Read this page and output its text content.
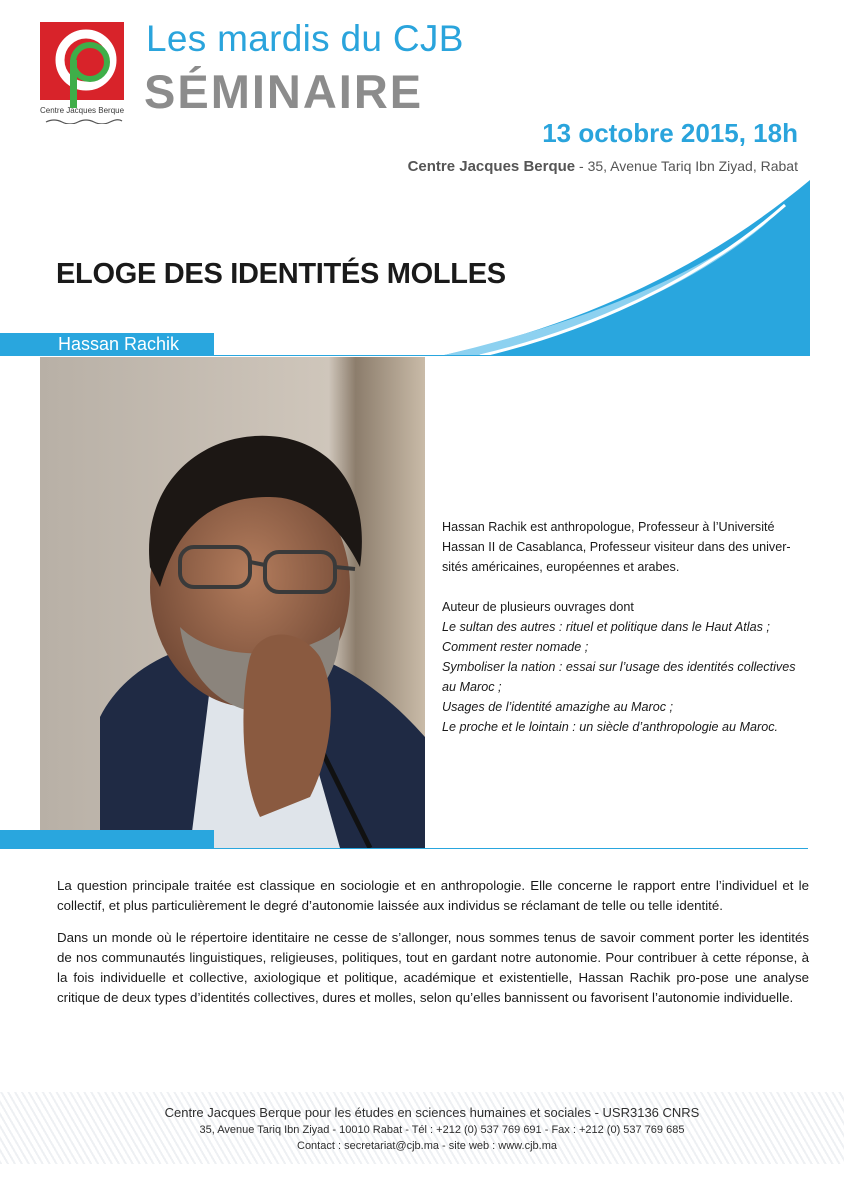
Centre Jacques Berque
Les mardis du CJB
SÉMINAIRE
13 octobre 2015, 18h
Centre Jacques Berque - 35, Avenue Tariq Ibn Ziyad, Rabat
ELOGE DES IDENTITÉS MOLLES
Hassan Rachik

Hassan Rachik est anthropologue, Professeur à l’Université

Hassan II de Casablanca, Professeur visiteur dans des univer-

sités américaines, européennes et arabes.

Auteur de plusieurs ouvrages dont

Le sultan des autres : rituel et politique dans le Haut Atlas ;

Comment rester nomade ;

Symboliser la nation : essai sur l’usage des identités collectives

au Maroc ;

Usages de l’identité amazighe au Maroc ;

Le proche et le lointain : un siècle d’anthropologie au Maroc.

La question principale traitée est classique en sociologie et en anthropologie. Elle concerne le rapport entre l’individuel et le collectif, et plus particulièrement le degré d’autonomie laissée aux individus se réclamant de telle ou telle identité.

Dans un monde où le répertoire identitaire ne cesse de s’allonger, nous sommes tenus de savoir comment porter les identités de nos communautés linguistiques, religieuses, politiques, tout en gardant notre autonomie. Pour contribuer à cette réponse, à la fois individuelle et collective, axiologique et politique, académique et existentielle, Hassan Rachik pro-pose une analyse critique de deux types d’identités collectives, dures et molles, selon qu’elles bannissent ou favorisent l’autonomie individuelle.

Centre Jacques Berque pour les études en sciences humaines et sociales - USR3136 CNRS
35, Avenue Tariq Ibn Ziyad - 10010 Rabat - Tél : +212 (0) 537 769 691 - Fax : +212 (0) 537 769 685
Contact : secretariat@cjb.ma - site web : www.cjb.ma
